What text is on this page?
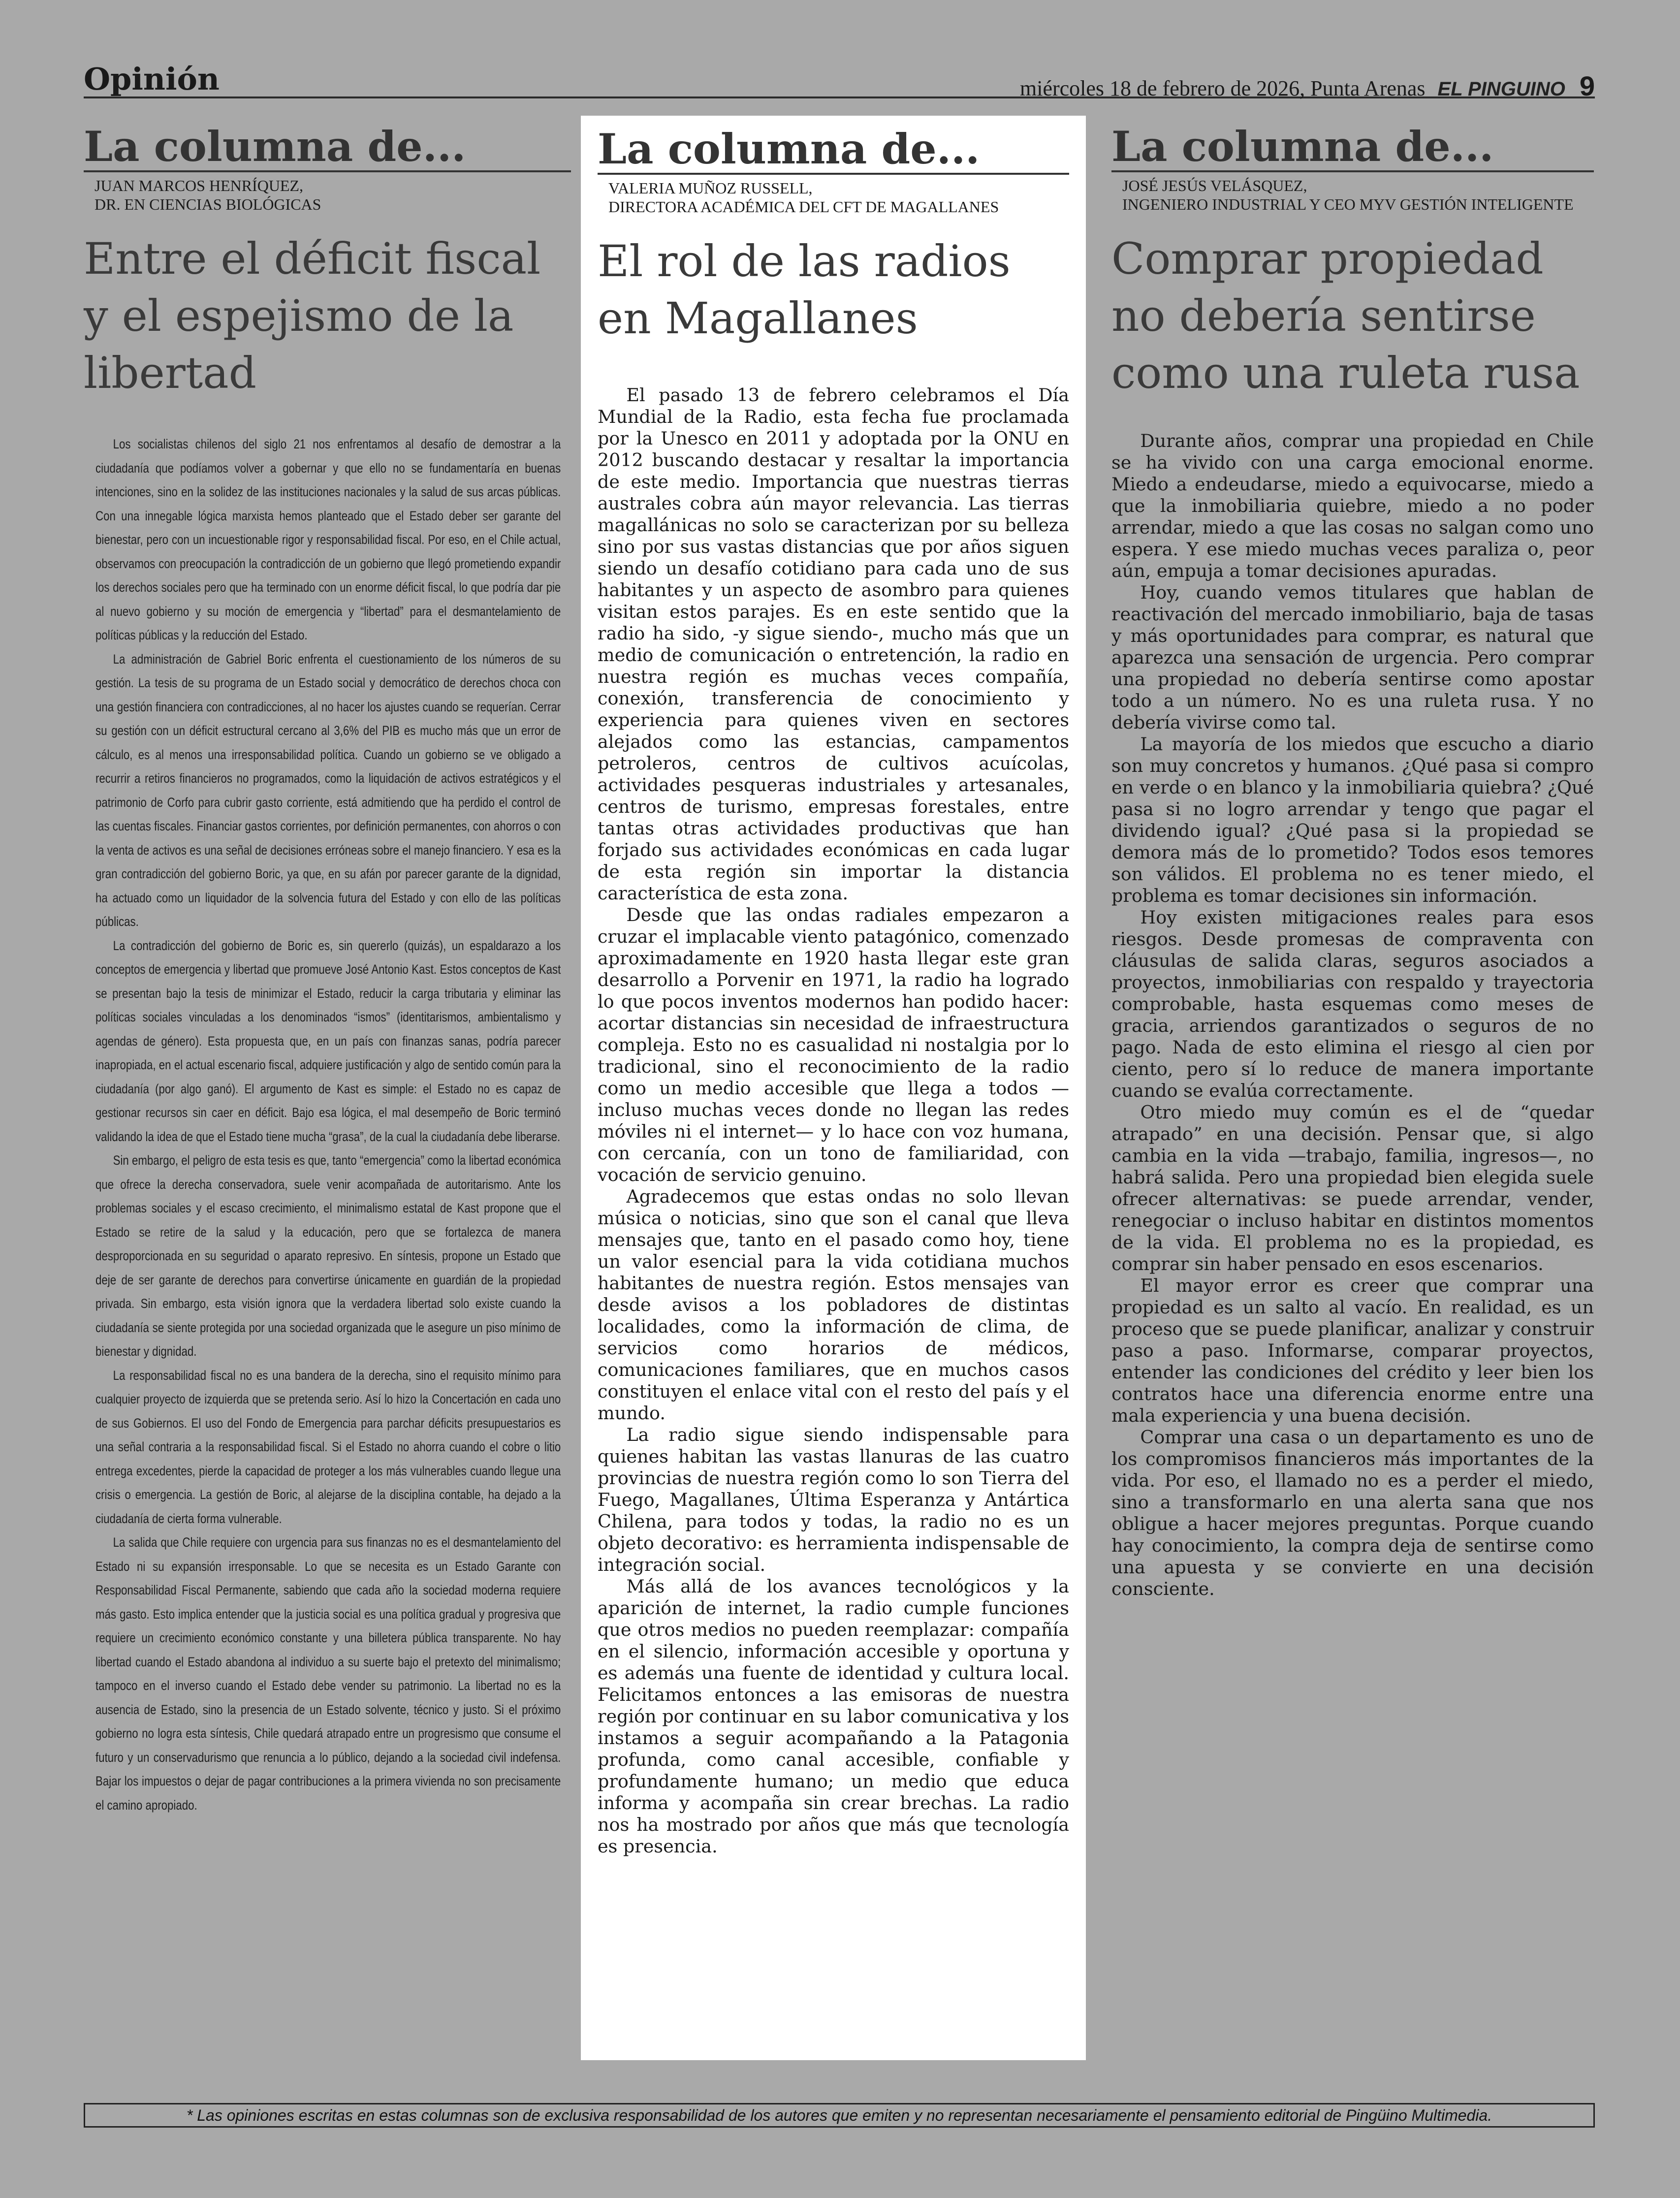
Opinión	miércoles 18 de febrero de 2026, Punta Arenas EL PINGUINO 9
La columna de...
JUAN MARCOS HENRÍQUEZ,
DR. EN CIENCIAS BIOLÓGICAS
Entre el déficit fiscal y el espejismo de la libertad

Los socialistas chilenos del siglo 21 nos enfrentamos al desafío de demostrar a la ciudadanía que podíamos volver a gobernar y que ello no se fundamentaría en buenas intenciones, sino en la solidez de las instituciones nacionales y la salud de sus arcas públicas. Con una innegable lógica marxista hemos planteado que el Estado deber ser garante del bienestar, pero con un incuestionable rigor y responsabilidad fiscal. Por eso, en el Chile actual, observamos con preocupación la contradicción de un gobierno que llegó prometiendo expandir los derechos sociales pero que ha terminado con un enorme déficit fiscal, lo que podría dar pie al nuevo gobierno y su moción de emergencia y “libertad” para el desmantelamiento de políticas públicas y la reducción del Estado.

La administración de Gabriel Boric enfrenta el cuestionamiento de los números de su gestión. La tesis de su programa de un Estado social y democrático de derechos choca con una gestión financiera con contradicciones, al no hacer los ajustes cuando se requerían. Cerrar su gestión con un déficit estructural cercano al 3,6% del PIB es mucho más que un error de cálculo, es al menos una irresponsabilidad política. Cuando un gobierno se ve obligado a recurrir a retiros financieros no programados, como la liquidación de activos estratégicos y el patrimonio de Corfo para cubrir gasto corriente, está admitiendo que ha perdido el control de las cuentas fiscales. Financiar gastos corrientes, por definición permanentes, con ahorros o con la venta de activos es una señal de decisiones erróneas sobre el manejo financiero. Y esa es la gran contradicción del gobierno Boric, ya que, en su afán por parecer garante de la dignidad, ha actuado como un liquidador de la solvencia futura del Estado y con ello de las políticas públicas.

La contradicción del gobierno de Boric es, sin quererlo (quizás), un espaldarazo a los conceptos de emergencia y libertad que promueve José Antonio Kast. Estos conceptos de Kast se presentan bajo la tesis de minimizar el Estado, reducir la carga tributaria y eliminar las políticas sociales vinculadas a los denominados “ismos” (identitarismos, ambientalismo y agendas de género). Esta propuesta que, en un país con finanzas sanas, podría parecer inapropiada, en el actual escenario fiscal, adquiere justificación y algo de sentido común para la ciudadanía (por algo ganó). El argumento de Kast es simple: el Estado no es capaz de gestionar recursos sin caer en déficit. Bajo esa lógica, el mal desempeño de Boric terminó validando la idea de que el Estado tiene mucha “grasa”, de la cual la ciudadanía debe liberarse.

Sin embargo, el peligro de esta tesis es que, tanto “emergencia” como la libertad económica que ofrece la derecha conservadora, suele venir acompañada de autoritarismo. Ante los problemas sociales y el escaso crecimiento, el minimalismo estatal de Kast propone que el Estado se retire de la salud y la educación, pero que se fortalezca de manera desproporcionada en su seguridad o aparato represivo. En síntesis, propone un Estado que deje de ser garante de derechos para convertirse únicamente en guardián de la propiedad privada. Sin embargo, esta visión ignora que la verdadera libertad solo existe cuando la ciudadanía se siente protegida por una sociedad organizada que le asegure un piso mínimo de bienestar y dignidad.

La responsabilidad fiscal no es una bandera de la derecha, sino el requisito mínimo para cualquier proyecto de izquierda que se pretenda serio. Así lo hizo la Concertación en cada uno de sus Gobiernos. El uso del Fondo de Emergencia para parchar déficits presupuestarios es una señal contraria a la responsabilidad fiscal. Si el Estado no ahorra cuando el cobre o litio entrega excedentes, pierde la capacidad de proteger a los más vulnerables cuando llegue una crisis o emergencia. La gestión de Boric, al alejarse de la disciplina contable, ha dejado a la ciudadanía de cierta forma vulnerable.

La salida que Chile requiere con urgencia para sus finanzas no es el desmantelamiento del Estado ni su expansión irresponsable. Lo que se necesita es un Estado Garante con Responsabilidad Fiscal Permanente, sabiendo que cada año la sociedad moderna requiere más gasto. Esto implica entender que la justicia social es una política gradual y progresiva que requiere un crecimiento económico constante y una billetera pública transparente. No hay libertad cuando el Estado abandona al individuo a su suerte bajo el pretexto del minimalismo; tampoco en el inverso cuando el Estado debe vender su patrimonio. La libertad no es la ausencia de Estado, sino la presencia de un Estado solvente, técnico y justo. Si el próximo gobierno no logra esta síntesis, Chile quedará atrapado entre un progresismo que consume el futuro y un conservadurismo que renuncia a lo público, dejando a la sociedad civil indefensa. Bajar los impuestos o dejar de pagar contribuciones a la primera vivienda no son precisamente el camino apropiado.

La columna de...
VALERIA MUÑOZ RUSSELL,
DIRECTORA ACADÉMICA DEL CFT DE MAGALLANES
El rol de las radios en Magallanes

El pasado 13 de febrero celebramos el Día Mundial de la Radio, esta fecha fue proclamada por la Unesco en 2011 y adoptada por la ONU en 2012 buscando destacar y resaltar la importancia de este medio. Importancia que nuestras tierras australes cobra aún mayor relevancia. Las tierras magallánicas no solo se caracterizan por su belleza sino por sus vastas distancias que por años siguen siendo un desafío cotidiano para cada uno de sus habitantes y un aspecto de asombro para quienes visitan estos parajes. Es en este sentido que la radio ha sido, -y sigue siendo-, mucho más que un medio de comunicación o entretención, la radio en nuestra región es muchas veces compañía, conexión, transferencia de conocimiento y experiencia para quienes viven en sectores alejados como las estancias, campamentos petroleros, centros de cultivos acuícolas, actividades pesqueras industriales y artesanales, centros de turismo, empresas forestales, entre tantas otras actividades productivas que han forjado sus actividades económicas en cada lugar de esta región sin importar la distancia característica de esta zona.

Desde que las ondas radiales empezaron a cruzar el implacable viento patagónico, comenzado aproximadamente en 1920 hasta llegar este gran desarrollo a Porvenir en 1971, la radio ha logrado lo que pocos inventos modernos han podido hacer: acortar distancias sin necesidad de infraestructura compleja. Esto no es casualidad ni nostalgia por lo tradicional, sino el reconocimiento de la radio como un medio accesible que llega a todos —incluso muchas veces donde no llegan las redes móviles ni el internet— y lo hace con voz humana, con cercanía, con un tono de familiaridad, con vocación de servicio genuino.

Agradecemos que estas ondas no solo llevan música o noticias, sino que son el canal que lleva mensajes que, tanto en el pasado como hoy, tiene un valor esencial para la vida cotidiana muchos habitantes de nuestra región. Estos mensajes van desde avisos a los pobladores de distintas localidades, como la información de clima, de servicios como horarios de médicos, comunicaciones familiares, que en muchos casos constituyen el enlace vital con el resto del país y el mundo.

La radio sigue siendo indispensable para quienes habitan las vastas llanuras de las cuatro provincias de nuestra región como lo son Tierra del Fuego, Magallanes, Última Esperanza y Antártica Chilena, para todos y todas, la radio no es un objeto decorativo: es herramienta indispensable de integración social.

Más allá de los avances tecnológicos y la aparición de internet, la radio cumple funciones que otros medios no pueden reemplazar: compañía en el silencio, información accesible y oportuna y es además una fuente de identidad y cultura local. Felicitamos entonces a las emisoras de nuestra región por continuar en su labor comunicativa y los instamos a seguir acompañando a la Patagonia profunda, como canal accesible, confiable y profundamente humano; un medio que educa informa y acompaña sin crear brechas. La radio nos ha mostrado por años que más que tecnología es presencia.

La columna de...
JOSÉ JESÚS VELÁSQUEZ,
INGENIERO INDUSTRIAL Y CEO MYV GESTIÓN INTELIGENTE
Comprar propiedad no debería sentirse como una ruleta rusa

Durante años, comprar una propiedad en Chile se ha vivido con una carga emocional enorme. Miedo a endeudarse, miedo a equivocarse, miedo a que la inmobiliaria quiebre, miedo a no poder arrendar, miedo a que las cosas no salgan como uno espera. Y ese miedo muchas veces paraliza o, peor aún, empuja a tomar decisiones apuradas.

Hoy, cuando vemos titulares que hablan de reactivación del mercado inmobiliario, baja de tasas y más oportunidades para comprar, es natural que aparezca una sensación de urgencia. Pero comprar una propiedad no debería sentirse como apostar todo a un número. No es una ruleta rusa. Y no debería vivirse como tal.

La mayoría de los miedos que escucho a diario son muy concretos y humanos. ¿Qué pasa si compro en verde o en blanco y la inmobiliaria quiebra? ¿Qué pasa si no logro arrendar y tengo que pagar el dividendo igual? ¿Qué pasa si la propiedad se demora más de lo prometido? Todos esos temores son válidos. El problema no es tener miedo, el problema es tomar decisiones sin información.

Hoy existen mitigaciones reales para esos riesgos. Desde promesas de compraventa con cláusulas de salida claras, seguros asociados a proyectos, inmobiliarias con respaldo y trayectoria comprobable, hasta esquemas como meses de gracia, arriendos garantizados o seguros de no pago. Nada de esto elimina el riesgo al cien por ciento, pero sí lo reduce de manera importante cuando se evalúa correctamente.

Otro miedo muy común es el de “quedar atrapado” en una decisión. Pensar que, si algo cambia en la vida —trabajo, familia, ingresos—, no habrá salida. Pero una propiedad bien elegida suele ofrecer alternativas: se puede arrendar, vender, renegociar o incluso habitar en distintos momentos de la vida. El problema no es la propiedad, es comprar sin haber pensado en esos escenarios.

El mayor error es creer que comprar una propiedad es un salto al vacío. En realidad, es un proceso que se puede planificar, analizar y construir paso a paso. Informarse, comparar proyectos, entender las condiciones del crédito y leer bien los contratos hace una diferencia enorme entre una mala experiencia y una buena decisión.

Comprar una casa o un departamento es uno de los compromisos financieros más importantes de la vida. Por eso, el llamado no es a perder el miedo, sino a transformarlo en una alerta sana que nos obligue a hacer mejores preguntas. Porque cuando hay conocimiento, la compra deja de sentirse como una apuesta y se convierte en una decisión consciente.

* Las opiniones escritas en estas columnas son de exclusiva responsabilidad de los autores que emiten y no representan necesariamente el pensamiento editorial de Pingüino Multimedia.
